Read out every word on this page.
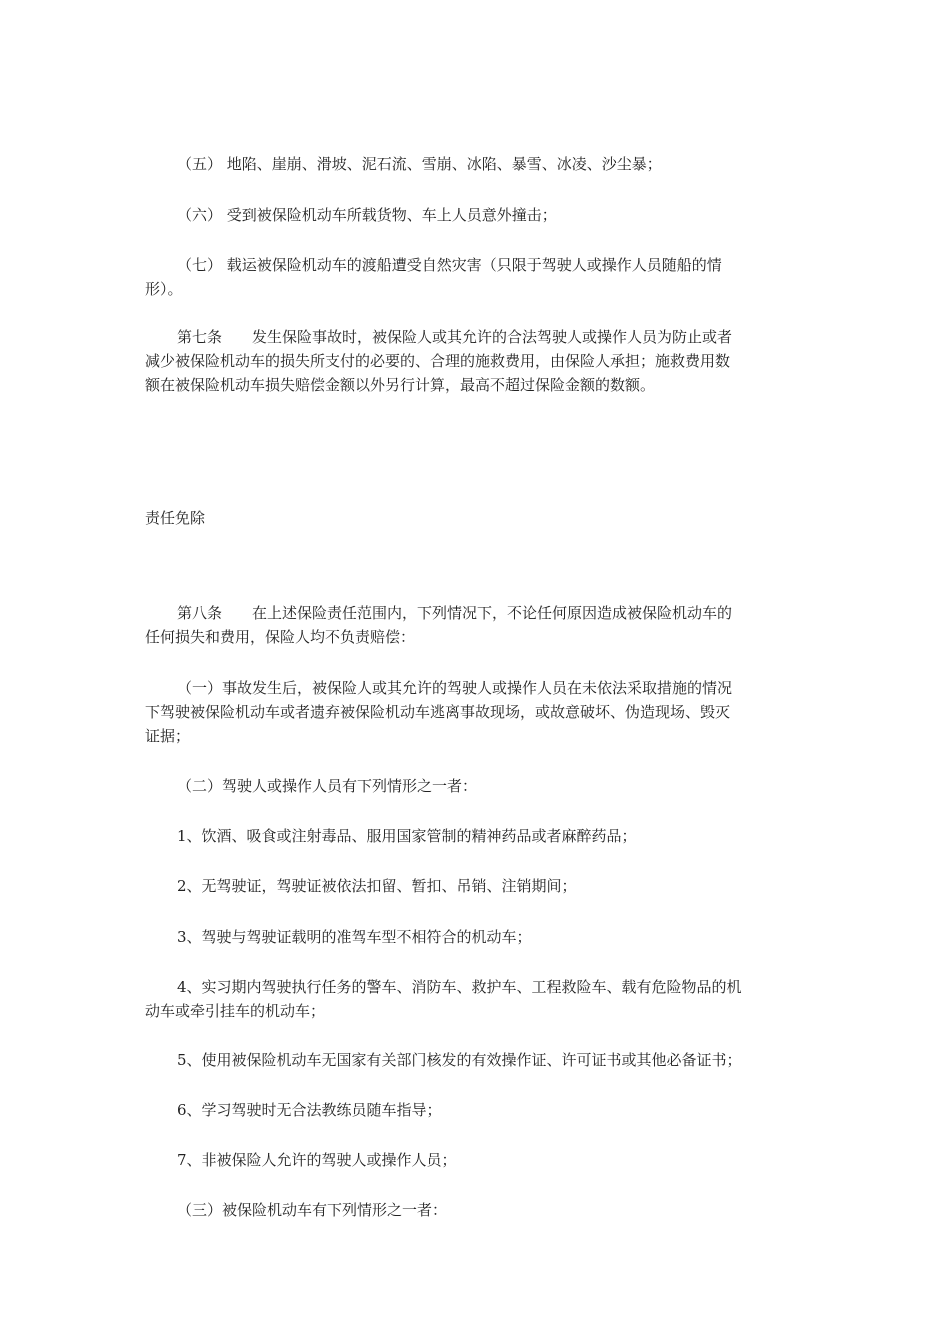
（五） 地陷、崖崩、滑坡、泥石流、雪崩、冰陷、暴雪、冰凌、沙尘暴；

（六） 受到被保险机动车所载货物、车上人员意外撞击；

（七） 载运被保险机动车的渡船遭受自然灾害（只限于驾驶人或操作人员随船的情
形）。

第七条　　发生保险事故时，被保险人或其允许的合法驾驶人或操作人员为防止或者
减少被保险机动车的损失所支付的必要的、合理的施救费用，由保险人承担；施救费用数
额在被保险机动车损失赔偿金额以外另行计算，最高不超过保险金额的数额。

责任免除

第八条　　在上述保险责任范围内，下列情况下，不论任何原因造成被保险机动车的
任何损失和费用，保险人均不负责赔偿：

（一）事故发生后，被保险人或其允许的驾驶人或操作人员在未依法采取措施的情况
下驾驶被保险机动车或者遗弃被保险机动车逃离事故现场，或故意破坏、伪造现场、毁灭
证据；

（二）驾驶人或操作人员有下列情形之一者：

1、饮酒、吸食或注射毒品、服用国家管制的精神药品或者麻醉药品；

2、无驾驶证，驾驶证被依法扣留、暂扣、吊销、注销期间；

3、驾驶与驾驶证载明的准驾车型不相符合的机动车；

4、实习期内驾驶执行任务的警车、消防车、救护车、工程救险车、载有危险物品的机
动车或牵引挂车的机动车；

5、使用被保险机动车无国家有关部门核发的有效操作证、许可证书或其他必备证书；

6、学习驾驶时无合法教练员随车指导；

7、非被保险人允许的驾驶人或操作人员；

（三）被保险机动车有下列情形之一者：
